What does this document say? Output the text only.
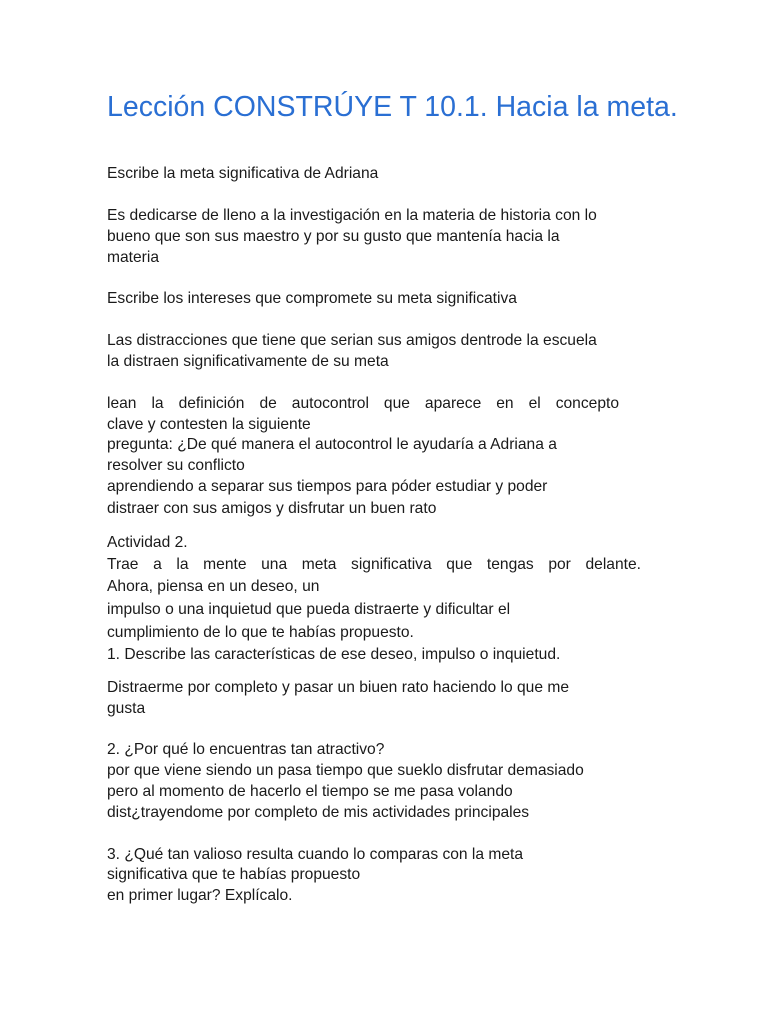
Lección CONSTRÚYE T 10.1. Hacia la meta.

Escribe la meta significativa de Adriana

Es dedicarse de lleno a la investigación en la materia de historia con lo

bueno que son sus maestro y por su gusto que mantenía hacia la

materia

Escribe los intereses que compromete su meta significativa

Las distracciones que tiene que serian sus amigos dentrode la escuela

la distraen significativamente de su meta

lean la definición de autocontrol que aparece en el concepto

clave y contesten la siguiente

pregunta: ¿De qué manera el autocontrol le ayudaría a Adriana a

resolver su conflicto

aprendiendo a separar sus tiempos para póder estudiar y poder

distraer con sus amigos y disfrutar un buen rato

Actividad 2.

Trae a la mente una meta significativa que tengas por delante.

Ahora, piensa en un deseo, un

impulso o una inquietud que pueda distraerte y dificultar el

cumplimiento de lo que te habías propuesto.

1. Describe las características de ese deseo, impulso o inquietud.

Distraerme por completo y pasar un biuen rato haciendo lo que me

gusta

2. ¿Por qué lo encuentras tan atractivo?

por que viene siendo un pasa tiempo que sueklo disfrutar demasiado

pero al momento de hacerlo el tiempo se me pasa volando

dist¿trayendome por completo de mis actividades principales

3. ¿Qué tan valioso resulta cuando lo comparas con la meta

significativa que te habías propuesto

en primer lugar? Explícalo.
